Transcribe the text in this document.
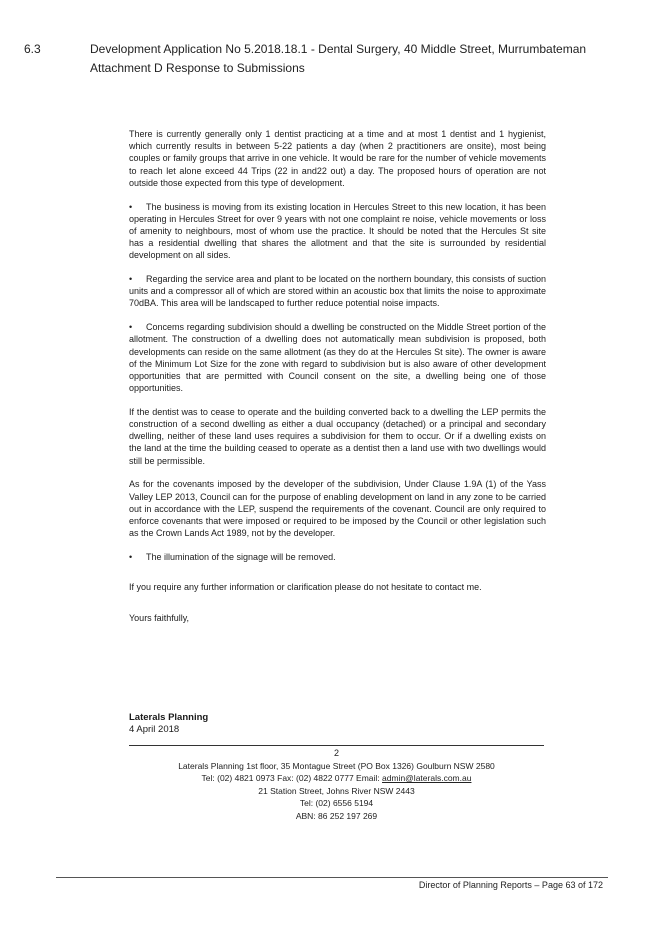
6.3	Development Application No 5.2018.18.1 - Dental Surgery, 40 Middle Street, Murrumbateman
Attachment D Response to Submissions

There is currently generally only 1 dentist practicing at a time and at most 1 dentist and 1 hygienist, which currently results in between 5-22 patients a day (when 2 practitioners are onsite), most being couples or family groups that arrive in one vehicle. It would be rare for the number of vehicle movements to reach let alone exceed 44 Trips (22 in and22 out) a day. The proposed hours of operation are not outside those expected from this type of development.

• The business is moving from its existing location in Hercules Street to this new location, it has been operating in Hercules Street for over 9 years with not one complaint re noise, vehicle movements or loss of amenity to neighbours, most of whom use the practice. It should be noted that the Hercules St site has a residential dwelling that shares the allotment and that the site is surrounded by residential development on all sides.

• Regarding the service area and plant to be located on the northern boundary, this consists of suction units and a compressor all of which are stored within an acoustic box that limits the noise to approximate 70dBA. This area will be landscaped to further reduce potential noise impacts.

• Concems regarding subdivision should a dwelling be constructed on the Middle Street portion of the allotment. The construction of a dwelling does not automatically mean subdivision is proposed, both developments can reside on the same allotment (as they do at the Hercules St site). The owner is aware of the Minimum Lot Size for the zone with regard to subdivision but is also aware of other development opportunities that are permitted with Council consent on the site, a dwelling being one of those opportunities.

If the dentist was to cease to operate and the building converted back to a dwelling the LEP permits the construction of a second dwelling as either a dual occupancy (detached) or a principal and secondary dwelling, neither of these land uses requires a subdivision for them to occur. Or if a dwelling exists on the land at the time the building ceased to operate as a dentist then a land use with two dwellings would still be permissible.

As for the covenants imposed by the developer of the subdivision, Under Clause 1.9A (1) of the Yass Valley LEP 2013, Council can for the purpose of enabling development on land in any zone to be carried out in accordance with the LEP, suspend the requirements of the covenant. Council are only required to enforce covenants that were imposed or required to be imposed by the Council or other legislation such as the Crown Lands Act 1989, not by the developer.

•	The illumination of the signage will be removed.

If you require any further information or clarification please do not hesitate to contact me.

Yours faithfully,

Laterals Planning
4 April 2018
2
Laterals Planning 1st floor, 35 Montague Street (PO Box 1326) Goulburn NSW 2580
Tel: (02) 4821 0973 Fax: (02) 4822 0777 Email: admin@laterals.com.au
21 Station Street, Johns River NSW 2443
Tel: (02) 6556 5194
ABN: 86 252 197 269
Director of Planning Reports – Page 63 of 172
